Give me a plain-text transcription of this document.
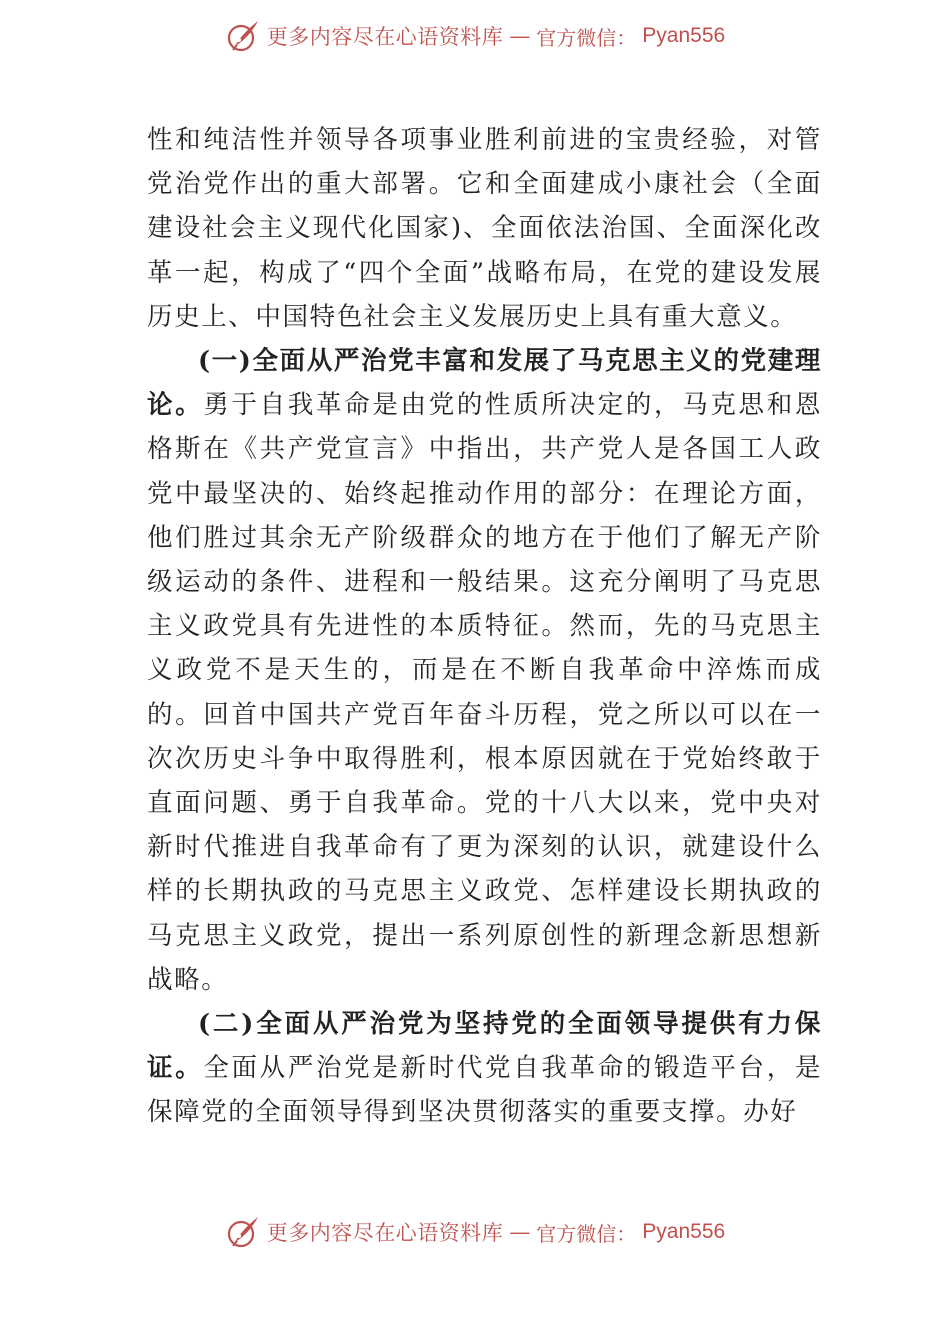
更多内容尽在心语资料库 — 官方微信： Pyan556

性和纯洁性并领导各项事业胜利前进的宝贵经验，对管党治党作出的重大部署。它和全面建成小康社会（全面建设社会主义现代化国家)、全面依法治国、全面深化改革一起，构成了“四个全面”战略布局，在党的建设发展历史上、中国特色社会主义发展历史上具有重大意义。

(一)全面从严治党丰富和发展了马克思主义的党建理论。勇于自我革命是由党的性质所决定的，马克思和恩格斯在《共产党宣言》中指出，共产党人是各国工人政党中最坚决的、始终起推动作用的部分：在理论方面，他们胜过其余无产阶级群众的地方在于他们了解无产阶级运动的条件、进程和一般结果。这充分阐明了马克思主义政党具有先进性的本质特征。然而，先的马克思主义政党不是天生的，而是在不断自我革命中淬炼而成的。回首中国共产党百年奋斗历程，党之所以可以在一次次历史斗争中取得胜利，根本原因就在于党始终敢于直面问题、勇于自我革命。党的十八大以来，党中央对新时代推进自我革命有了更为深刻的认识，就建设什么样的长期执政的马克思主义政党、怎样建设长期执政的马克思主义政党，提出一系列原创性的新理念新思想新战略。

(二)全面从严治党为坚持党的全面领导提供有力保证。全面从严治党是新时代党自我革命的锻造平台，是保障党的全面领导得到坚决贯彻落实的重要支撑。办好

更多内容尽在心语资料库 — 官方微信： Pyan556
